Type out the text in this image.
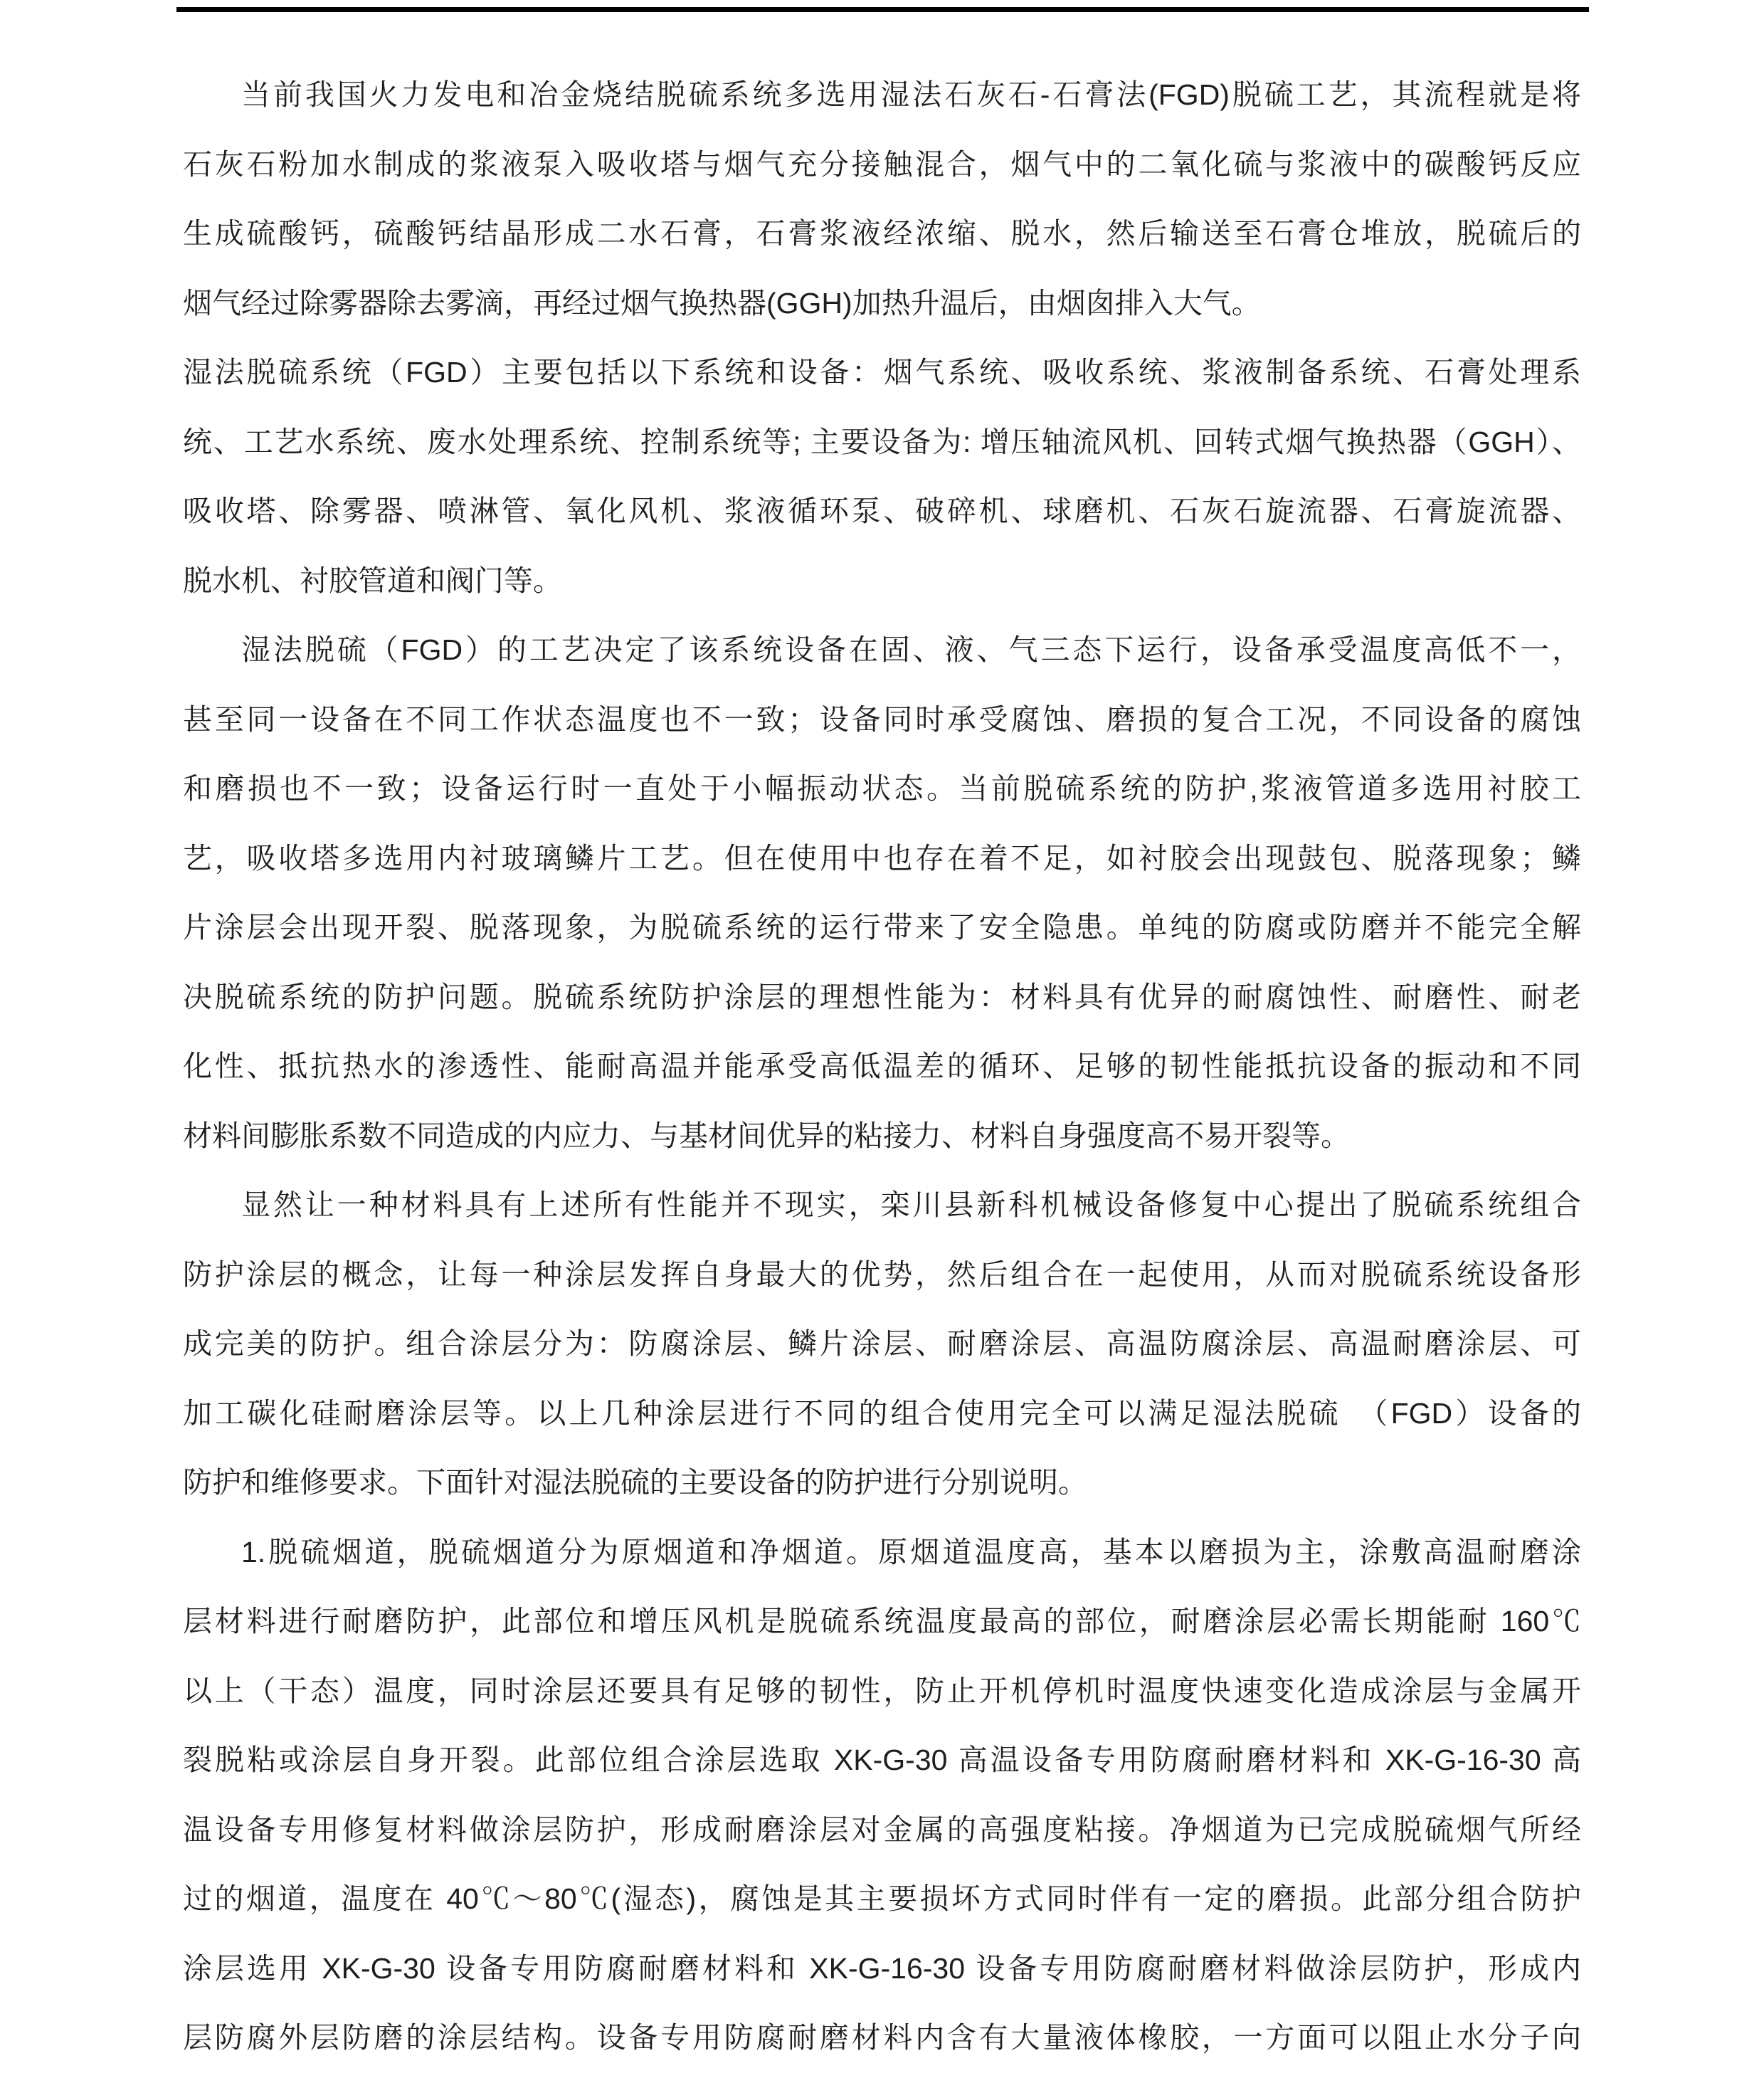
当前我国火力发电和冶金烧结脱硫系统多选用湿法石灰石-石膏法(FGD)脱硫工艺，其流程就是将
石灰石粉加水制成的浆液泵入吸收塔与烟气充分接触混合，烟气中的二氧化硫与浆液中的碳酸钙反应
生成硫酸钙，硫酸钙结晶形成二水石膏，石膏浆液经浓缩、脱水，然后输送至石膏仓堆放，脱硫后的
烟气经过除雾器除去雾滴，再经过烟气换热器(GGH)加热升温后，由烟囱排入大气。
湿法脱硫系统（FGD）主要包括以下系统和设备：烟气系统、吸收系统、浆液制备系统、石膏处理系
统、工艺水系统、废水处理系统、控制系统等; 主要设备为: 增压轴流风机、回转式烟气换热器（GGH）、
吸收塔、除雾器、喷淋管、氧化风机、浆液循环泵、破碎机、球磨机、石灰石旋流器、石膏旋流器、
脱水机、衬胶管道和阀门等。
湿法脱硫（FGD）的工艺决定了该系统设备在固、液、气三态下运行，设备承受温度高低不一，
甚至同一设备在不同工作状态温度也不一致；设备同时承受腐蚀、磨损的复合工况，不同设备的腐蚀
和磨损也不一致；设备运行时一直处于小幅振动状态。当前脱硫系统的防护,浆液管道多选用衬胶工
艺，吸收塔多选用内衬玻璃鳞片工艺。但在使用中也存在着不足，如衬胶会出现鼓包、脱落现象；鳞
片涂层会出现开裂、脱落现象，为脱硫系统的运行带来了安全隐患。单纯的防腐或防磨并不能完全解
决脱硫系统的防护问题。脱硫系统防护涂层的理想性能为：材料具有优异的耐腐蚀性、耐磨性、耐老
化性、抵抗热水的渗透性、能耐高温并能承受高低温差的循环、足够的韧性能抵抗设备的振动和不同
材料间膨胀系数不同造成的内应力、与基材间优异的粘接力、材料自身强度高不易开裂等。
显然让一种材料具有上述所有性能并不现实，栾川县新科机械设备修复中心提出了脱硫系统组合
防护涂层的概念，让每一种涂层发挥自身最大的优势，然后组合在一起使用，从而对脱硫系统设备形
成完美的防护。组合涂层分为：防腐涂层、鳞片涂层、耐磨涂层、高温防腐涂层、高温耐磨涂层、可
加工碳化硅耐磨涂层等。以上几种涂层进行不同的组合使用完全可以满足湿法脱硫　（FGD）设备的
防护和维修要求。下面针对湿法脱硫的主要设备的防护进行分别说明。
1.脱硫烟道，脱硫烟道分为原烟道和净烟道。原烟道温度高，基本以磨损为主，涂敷高温耐磨涂
层材料进行耐磨防护，此部位和增压风机是脱硫系统温度最高的部位，耐磨涂层必需长期能耐 160℃
以上（干态）温度，同时涂层还要具有足够的韧性，防止开机停机时温度快速变化造成涂层与金属开
裂脱粘或涂层自身开裂。此部位组合涂层选取 XK-G-30 高温设备专用防腐耐磨材料和 XK-G-16-30 高
温设备专用修复材料做涂层防护，形成耐磨涂层对金属的高强度粘接。净烟道为已完成脱硫烟气所经
过的烟道，温度在 40℃～80℃(湿态)，腐蚀是其主要损坏方式同时伴有一定的磨损。此部分组合防护
涂层选用 XK-G-30 设备专用防腐耐磨材料和 XK-G-16-30 设备专用防腐耐磨材料做涂层防护，形成内
层防腐外层防磨的涂层结构。设备专用防腐耐磨材料内含有大量液体橡胶，一方面可以阻止水分子向
